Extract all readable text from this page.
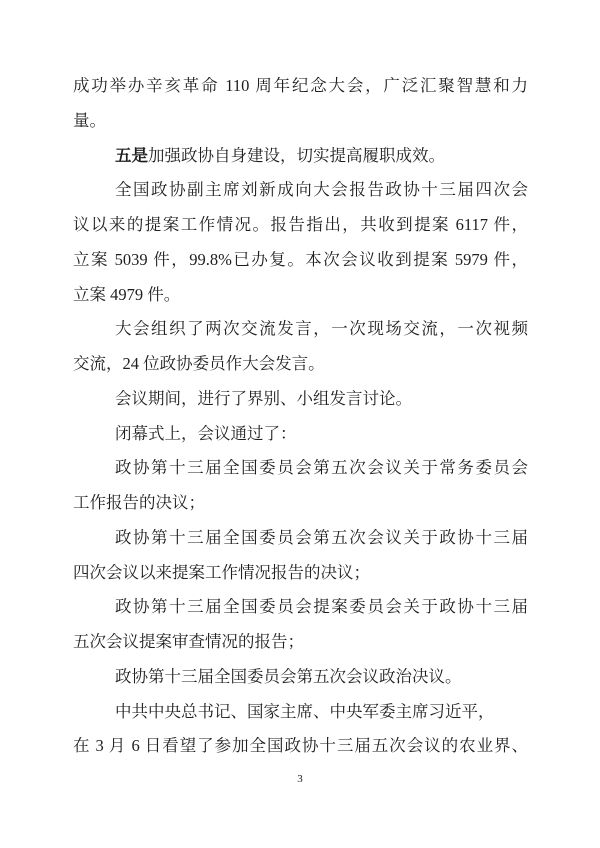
成功举办辛亥革命 110 周年纪念大会，广泛汇聚智慧和力
量。
五是加强政协自身建设，切实提高履职成效。
全国政协副主席刘新成向大会报告政协十三届四次会
议以来的提案工作情况。报告指出，共收到提案 6117 件，
立案 5039 件，99.8%已办复。本次会议收到提案 5979 件，
立案 4979 件。
大会组织了两次交流发言，一次现场交流，一次视频
交流，24 位政协委员作大会发言。
会议期间，进行了界别、小组发言讨论。
闭幕式上，会议通过了：
政协第十三届全国委员会第五次会议关于常务委员会
工作报告的决议；
政协第十三届全国委员会第五次会议关于政协十三届
四次会议以来提案工作情况报告的决议；
政协第十三届全国委员会提案委员会关于政协十三届
五次会议提案审查情况的报告；
政协第十三届全国委员会第五次会议政治决议。
中共中央总书记、国家主席、中央军委主席习近平，
在 3 月 6 日看望了参加全国政协十三届五次会议的农业界、
3
